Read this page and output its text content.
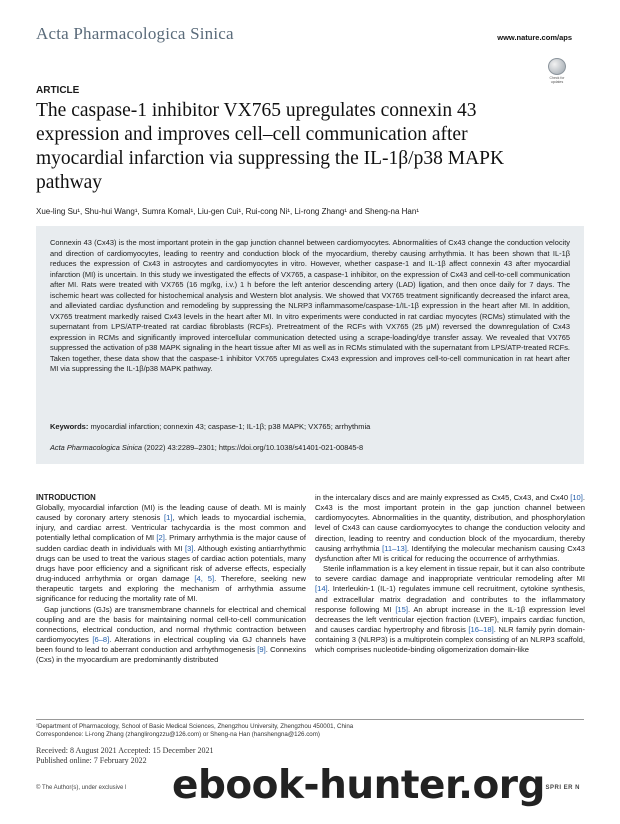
Acta Pharmacologica Sinica	www.nature.com/aps
Check for updates
ARTICLE
The caspase-1 inhibitor VX765 upregulates connexin 43 expression and improves cell–cell communication after myocardial infarction via suppressing the IL-1β/p38 MAPK pathway
Xue-ling Su¹, Shu-hui Wang¹, Sumra Komal¹, Liu-gen Cui¹, Rui-cong Ni¹, Li-rong Zhang¹ and Sheng-na Han¹
Connexin 43 (Cx43) is the most important protein in the gap junction channel between cardiomyocytes. Abnormalities of Cx43 change the conduction velocity and direction of cardiomyocytes, leading to reentry and conduction block of the myocardium, thereby causing arrhythmia. It has been shown that IL-1β reduces the expression of Cx43 in astrocytes and cardiomyocytes in vitro. However, whether caspase-1 and IL-1β affect connexin 43 after myocardial infarction (MI) is uncertain. In this study we investigated the effects of VX765, a caspase-1 inhibitor, on the expression of Cx43 and cell-to-cell communication after MI. Rats were treated with VX765 (16 mg/kg, i.v.) 1 h before the left anterior descending artery (LAD) ligation, and then once daily for 7 days. The ischemic heart was collected for histochemical analysis and Western blot analysis. We showed that VX765 treatment significantly decreased the infarct area, and alleviated cardiac dysfunction and remodeling by suppressing the NLRP3 inflammasome/caspase-1/IL-1β expression in the heart after MI. In addition, VX765 treatment markedly raised Cx43 levels in the heart after MI. In vitro experiments were conducted in rat cardiac myocytes (RCMs) stimulated with the supernatant from LPS/ATP-treated rat cardiac fibroblasts (RCFs). Pretreatment of the RCFs with VX765 (25 μM) reversed the downregulation of Cx43 expression in RCMs and significantly improved intercellular communication detected using a scrape-loading/dye transfer assay. We revealed that VX765 suppressed the activation of p38 MAPK signaling in the heart tissue after MI as well as in RCMs stimulated with the supernatant from LPS/ATP-treated RCFs. Taken together, these data show that the caspase-1 inhibitor VX765 upregulates Cx43 expression and improves cell-to-cell communication in rat heart after MI via suppressing the IL-1β/p38 MAPK pathway.
Keywords: myocardial infarction; connexin 43; caspase-1; IL-1β; p38 MAPK; VX765; arrhythmia
Acta Pharmacologica Sinica (2022) 43:2289–2301; https://doi.org/10.1038/s41401-021-00845-8
INTRODUCTION

Globally, myocardial infarction (MI) is the leading cause of death. MI is mainly caused by coronary artery stenosis [1], which leads to myocardial ischemia, injury, and cardiac arrest. Ventricular tachycardia is the most common and potentially lethal complication of MI [2]. Primary arrhythmia is the major cause of sudden cardiac death in individuals with MI [3]. Although existing antiarrhythmic drugs can be used to treat the various stages of cardiac action potentials, many drugs have poor efficiency and a significant risk of adverse effects, especially drug-induced arrhythmia or organ damage [4, 5]. Therefore, seeking new therapeutic targets and exploring the mechanism of arrhythmia assume significance for reducing the mortality rate of MI.

Gap junctions (GJs) are transmembrane channels for electrical and chemical coupling and are the basis for maintaining normal cell-to-cell communication connections, electrical conduction, and normal rhythmic contraction between cardiomyocytes [6–8]. Alterations in electrical coupling via GJ channels have been found to lead to aberrant conduction and arrhythmogenesis [9]. Connexins (Cxs) in the myocardium are predominantly distributed

in the intercalary discs and are mainly expressed as Cx45, Cx43, and Cx40 [10]. Cx43 is the most important protein in the gap junction channel between cardiomyocytes. Abnormalities in the quantity, distribution, and phosphorylation level of Cx43 can cause cardiomyocytes to change the conduction velocity and direction, leading to reentry and conduction block of the myocardium, thereby causing arrhythmia [11–13]. Identifying the molecular mechanism causing Cx43 dysfunction after MI is critical for reducing the occurrence of arrhythmias.

Sterile inflammation is a key element in tissue repair, but it can also contribute to severe cardiac damage and inappropriate ventricular remodeling after MI [14]. Interleukin-1 (IL-1) regulates immune cell recruitment, cytokine synthesis, and extracellular matrix degradation and contributes to the inflammatory response following MI [15]. An abrupt increase in the IL-1β expression level decreases the left ventricular ejection fraction (LVEF), impairs cardiac function, and causes cardiac hypertrophy and fibrosis [16–18]. NLR family pyrin domain-containing 3 (NLRP3) is a multiprotein complex consisting of an NLRP3 scaffold, which comprises nucleotide-binding oligomerization domain-like

¹Department of Pharmacology, School of Basic Medical Sciences, Zhengzhou University, Zhengzhou 450001, China
Correspondence: Li-rong Zhang (zhanglirongzzu@126.com) or Sheng-na Han (hanshengna@126.com)
Received: 8 August 2021 Accepted: 15 December 2021
Published online: 7 February 2022
© The Author(s), under exclusive l	SPRI ER N
ebook-hunter.org
